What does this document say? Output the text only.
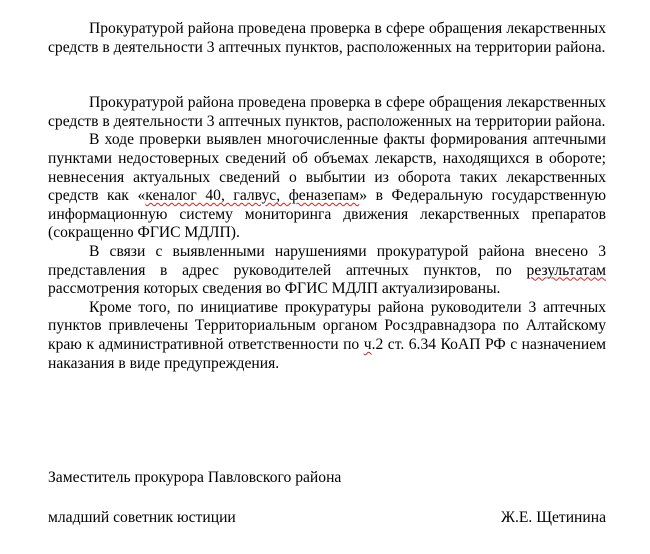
Прокуратурой района проведена проверка в сфере обращения лекарственных средств в деятельности 3 аптечных пунктов, расположенных на территории района.

Прокуратурой района проведена проверка в сфере обращения лекарственных средств в деятельности 3 аптечных пунктов, расположенных на территории района.

В ходе проверки выявлен многочисленные факты формирования аптечными пунктами недостоверных сведений об объемах лекарств, находящихся в обороте; невнесения актуальных сведений о выбытии из оборота таких лекарственных средств как «кеналог 40, галвус, феназепам» в Федеральную государственную информационную систему мониторинга движения лекарственных препаратов (сокращенно ФГИС МДЛП).

В связи с выявленными нарушениями прокуратурой района внесено 3 представления в адрес руководителей аптечных пунктов, по результатам рассмотрения которых сведения во ФГИС МДЛП актуализированы.

Кроме того, по инициативе прокуратуры района руководители 3 аптечных пунктов привлечены Территориальным органом Росздравнадзора по Алтайскому краю к административной ответственности по ч.2 ст. 6.34 КоАП РФ с назначением наказания в виде предупреждения.

Заместитель прокурора Павловского района
младший советник юстиции	Ж.Е. Щетинина
